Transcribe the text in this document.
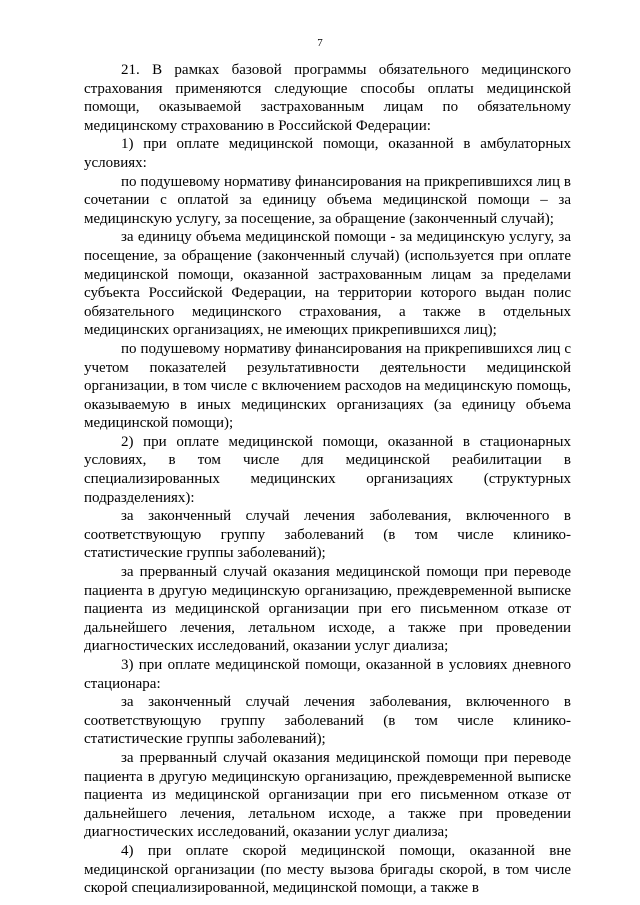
7

21. В рамках базовой программы обязательного медицинского страхования применяются следующие способы оплаты медицинской помощи, оказываемой застрахованным лицам по обязательному медицинскому страхованию в Российской Федерации:

1) при оплате медицинской помощи, оказанной в амбулаторных условиях:

по подушевому нормативу финансирования на прикрепившихся лиц в сочетании с оплатой за единицу объема медицинской помощи – за медицинскую услугу, за посещение, за обращение (законченный случай);

за единицу объема медицинской помощи - за медицинскую услугу, за посещение, за обращение (законченный случай) (используется при оплате медицинской помощи, оказанной застрахованным лицам за пределами субъекта Российской Федерации, на территории которого выдан полис обязательного медицинского страхования, а также в отдельных медицинских организациях, не имеющих прикрепившихся лиц);

по подушевому нормативу финансирования на прикрепившихся лиц с учетом показателей результативности деятельности медицинской организации, в том числе с включением расходов на медицинскую помощь, оказываемую в иных медицинских организациях (за единицу объема медицинской помощи);

2) при оплате медицинской помощи, оказанной в стационарных условиях, в том числе для медицинской реабилитации в специализированных медицинских организациях (структурных подразделениях):

за законченный случай лечения заболевания, включенного в соответствующую группу заболеваний (в том числе клинико-статистические группы заболеваний);

за прерванный случай оказания медицинской помощи при переводе пациента в другую медицинскую организацию, преждевременной выписке пациента из медицинской организации при его письменном отказе от дальнейшего лечения, летальном исходе, а также при проведении диагностических исследований, оказании услуг диализа;

3) при оплате медицинской помощи, оказанной в условиях дневного стационара:

за законченный случай лечения заболевания, включенного в соответствующую группу заболеваний (в том числе клинико-статистические группы заболеваний);

за прерванный случай оказания медицинской помощи при переводе пациента в другую медицинскую организацию, преждевременной выписке пациента из медицинской организации при его письменном отказе от дальнейшего лечения, летальном исходе, а также при проведении диагностических исследований, оказании услуг диализа;

4) при оплате скорой медицинской помощи, оказанной вне медицинской организации (по месту вызова бригады скорой, в том числе скорой специализированной, медицинской помощи, а также в
